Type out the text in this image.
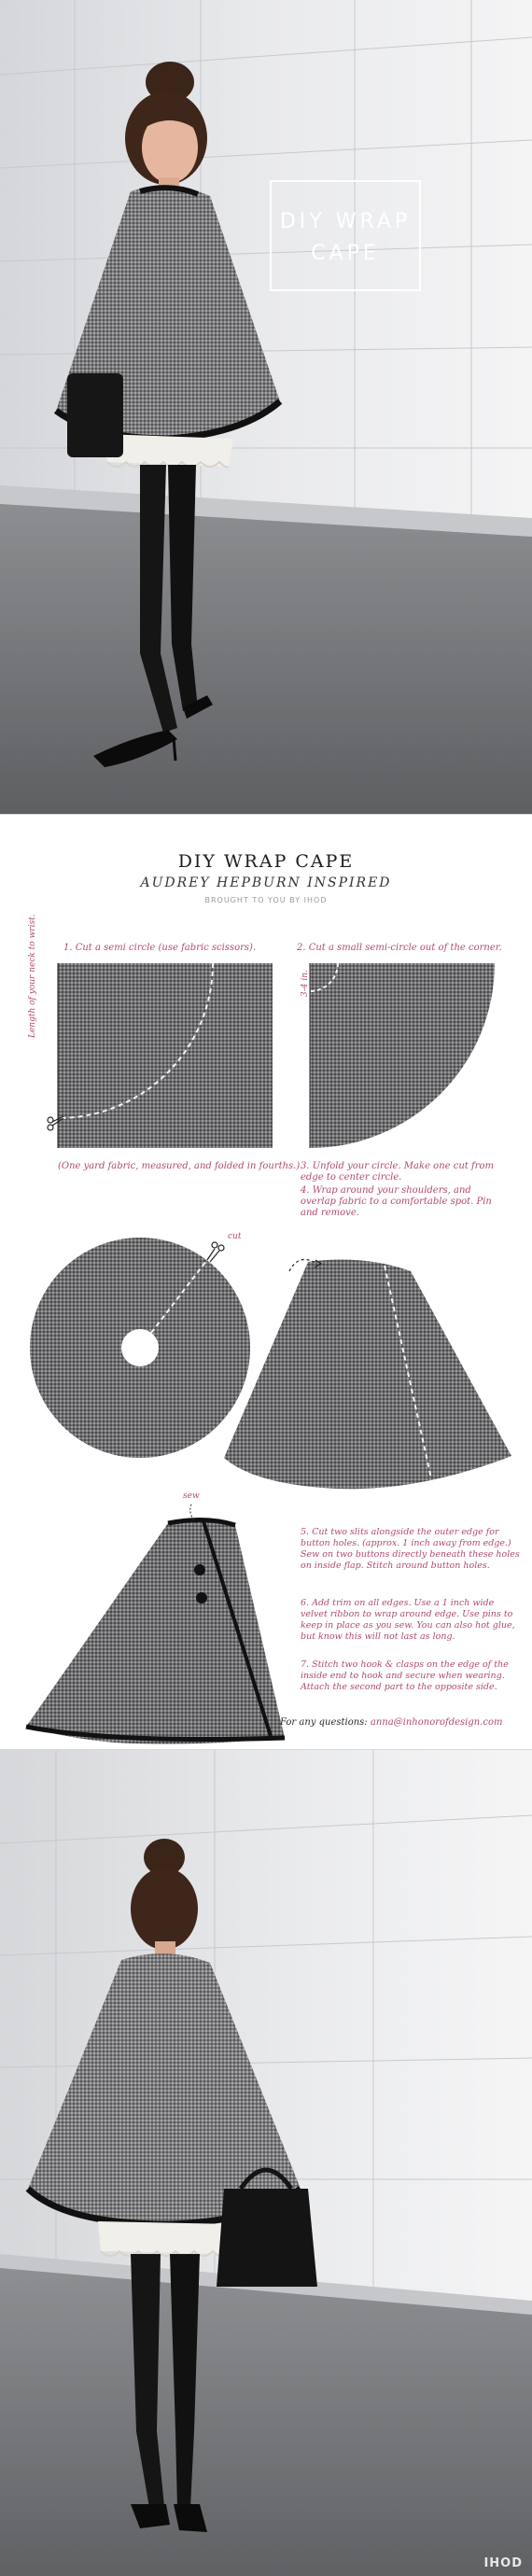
DIY WRAP
CAPE
DIY WRAP CAPE
AUDREY HEPBURN INSPIRED
BROUGHT TO YOU BY IHOD
1. Cut a semi circle (use fabric scissors).	2. Cut a small semi-circle out of the corner.
Length of your neck to wrist.	3-4 in.
(One yard fabric, measured, and folded in fourths.) 3. Unfold your circle. Make one cut from edge to center circle.
4. Wrap around your shoulders, and overlap fabric to a comfortable spot. Pin and remove.
cut
sew
5. Cut two slits alongside the outer edge for button holes. (approx. 1 inch away from edge.) Sew on two buttons directly beneath these holes on inside flap. Stitch around button holes.
6. Add trim on all edges. Use a 1 inch wide velvet ribbon to wrap around edge. Use pins to keep in place as you sew. You can also hot glue, but know this will not last as long.
7. Stitch two hook & clasps on the edge of the inside end to hook and secure when wearing. Attach the second part to the opposite side.
For any questions: anna@inhonorofdesign.com
IHOD
